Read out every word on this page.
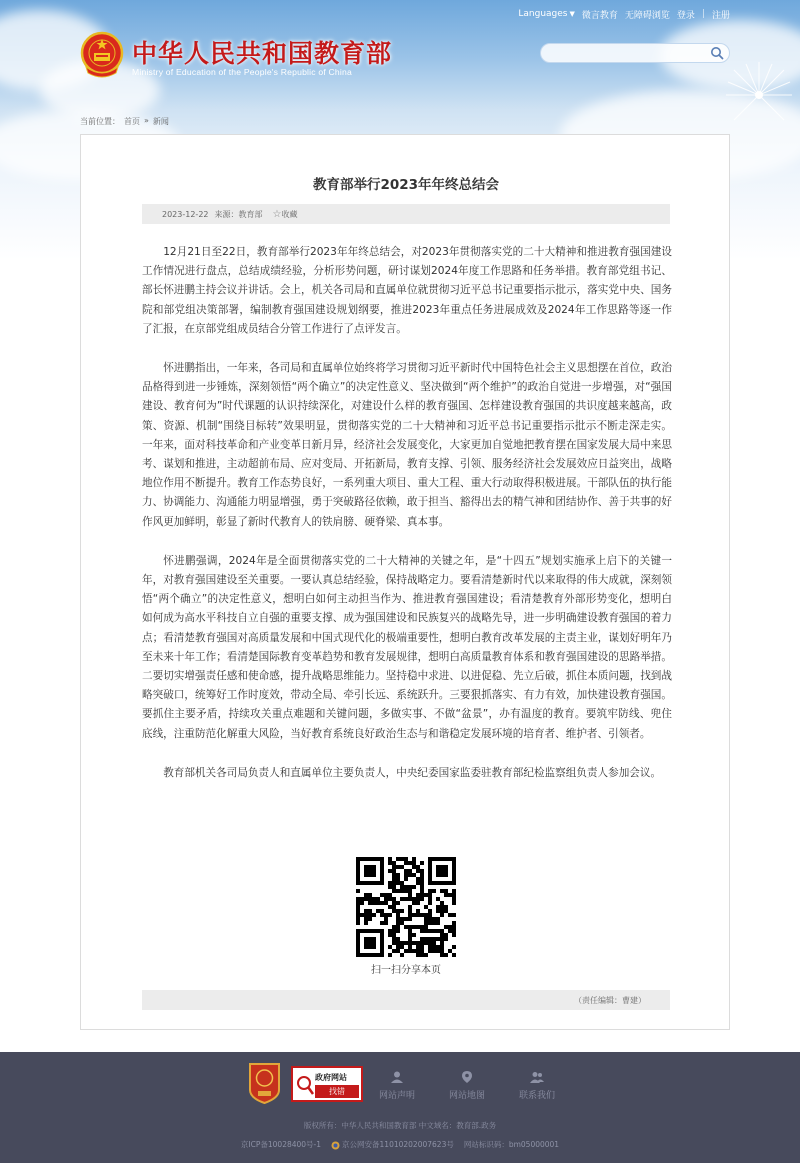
Languages ▼ 微言教育 无障碍浏览 登录 | 注册
中华人民共和国教育部
Ministry of Education of the People's Republic of China
当前位置： 首页 » 新闻
教育部举行2023年年终总结会
2023-12-22 来源：教育部	☆收藏

12月21日至22日，教育部举行2023年年终总结会，对2023年贯彻落实党的二十大精神和推进教育强国建设工作情况进行盘点，总结成绩经验，分析形势问题，研讨谋划2024年度工作思路和任务举措。教育部党组书记、部长怀进鹏主持会议并讲话。会上，机关各司局和直属单位就贯彻习近平总书记重要指示批示，落实党中央、国务院和部党组决策部署，编制教育强国建设规划纲要，推进2023年重点任务进展成效及2024年工作思路等逐一作了汇报，在京部党组成员结合分管工作进行了点评发言。

怀进鹏指出，一年来，各司局和直属单位始终将学习贯彻习近平新时代中国特色社会主义思想摆在首位，政治品格得到进一步锤炼，深刻领悟“两个确立”的决定性意义、坚决做到“两个维护”的政治自觉进一步增强，对“强国建设、教育何为”时代课题的认识持续深化，对建设什么样的教育强国、怎样建设教育强国的共识度越来越高，政策、资源、机制“围绕目标转”效果明显，贯彻落实党的二十大精神和习近平总书记重要指示批示不断走深走实。一年来，面对科技革命和产业变革日新月异，经济社会发展变化，大家更加自觉地把教育摆在国家发展大局中来思考、谋划和推进，主动超前布局、应对变局、开拓新局，教育支撑、引领、服务经济社会发展效应日益突出，战略地位作用不断提升。教育工作态势良好，一系列重大项目、重大工程、重大行动取得积极进展。干部队伍的执行能力、协调能力、沟通能力明显增强，勇于突破路径依赖，敢于担当、豁得出去的精气神和团结协作、善于共事的好作风更加鲜明，彰显了新时代教育人的铁肩膀、硬脊梁、真本事。

怀进鹏强调，2024年是全面贯彻落实党的二十大精神的关键之年，是“十四五”规划实施承上启下的关键一年，对教育强国建设至关重要。一要认真总结经验，保持战略定力。要看清楚新时代以来取得的伟大成就，深刻领悟“两个确立”的决定性意义，想明白如何主动担当作为、推进教育强国建设；看清楚教育外部形势变化，想明白如何成为高水平科技自立自强的重要支撑、成为强国建设和民族复兴的战略先导，进一步明确建设教育强国的着力点；看清楚教育强国对高质量发展和中国式现代化的极端重要性，想明白教育改革发展的主责主业，谋划好明年乃至未来十年工作；看清楚国际教育变革趋势和教育发展规律，想明白高质量教育体系和教育强国建设的思路举措。二要切实增强责任感和使命感，提升战略思维能力。坚持稳中求进、以进促稳、先立后破，抓住本质问题，找到战略突破口，统筹好工作时度效，带动全局、牵引长远、系统跃升。三要狠抓落实、有力有效，加快建设教育强国。要抓住主要矛盾，持续攻关重点难题和关键问题，多做实事、不做“盆景”，办有温度的教育。要筑牢防线、兜住底线，注重防范化解重大风险，当好教育系统良好政治生态与和谐稳定发展环境的培育者、维护者、引领者。

教育部机关各司局负责人和直属单位主要负责人，中央纪委国家监委驻教育部纪检监察组负责人参加会议。

扫一扫分享本页
（责任编辑：曹建）
政府网站
找错	网站声明	网站地图	联系我们
版权所有：中华人民共和国教育部 中文域名：教育部.政务
京ICP备10028400号-1	京公网安备11010202007623号 网站标识码：bm05000001
